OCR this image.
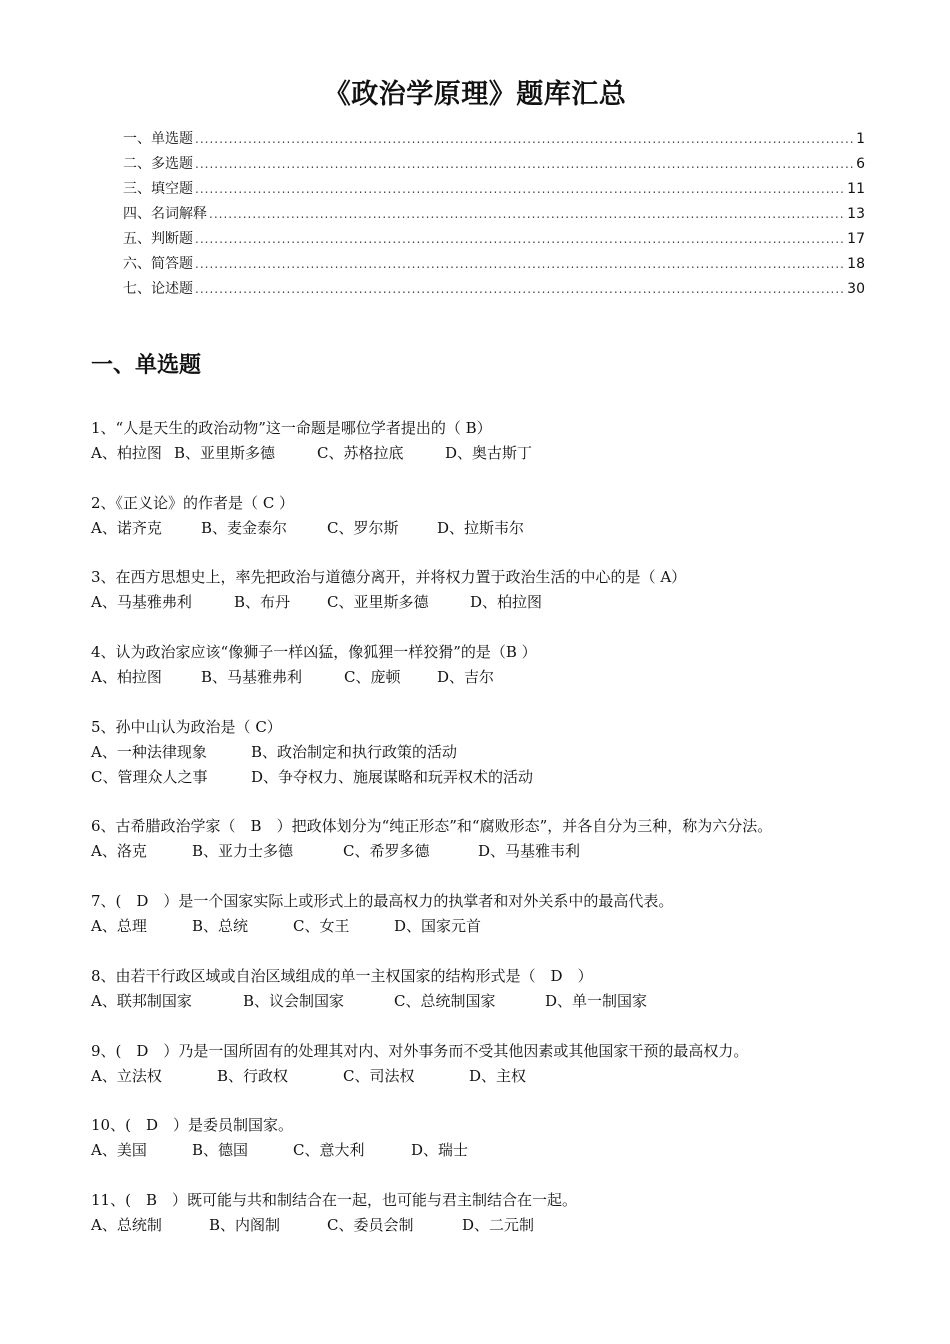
《政治学原理》题库汇总
一、单选题 .....	1
二、多选题 .....	6
三、填空题 .....	11
四、名词解释 .....	13
五、判断题 .....	17
六、简答题 .....	18
七、论述题 .....	30
一、单选题
1、“人是天生的政治动物”这一命题是哪位学者提出的（ B）
A、柏拉图 B、亚里斯多德	C、苏格拉底	D、奥古斯丁
2、《正义论》的作者是（ C ）
A、诺齐克	B、麦金泰尔	C、罗尔斯	D、拉斯韦尔
3、在西方思想史上，率先把政治与道德分离开，并将权力置于政治生活的中心的是（ A）
A、马基雅弗利	B、布丹	C、亚里斯多德	D、柏拉图
4、认为政治家应该“像狮子一样凶猛，像狐狸一样狡猾”的是（B ）
A、柏拉图	B、马基雅弗利	C、庞顿	D、吉尔
5、孙中山认为政治是（ C）
A、一种法律现象	B、政治制定和执行政策的活动
C、管理众人之事	D、争夺权力、施展谋略和玩弄权术的活动
6、古希腊政治学家（　B　）把政体划分为“纯正形态”和“腐败形态”，并各自分为三种，称为六分法。
A、洛克	B、亚力士多德	C、希罗多德	D、马基雅韦利
7、(　D　）是一个国家实际上或形式上的最高权力的执掌者和对外关系中的最高代表。
A、总理	B、总统	C、女王	D、国家元首
8、由若干行政区域或自治区域组成的单一主权国家的结构形式是（　D　）
A、联邦制国家	B、议会制国家	C、总统制国家	D、单一制国家
9、(　D　）乃是一国所固有的处理其对内、对外事务而不受其他因素或其他国家干预的最高权力。
A、立法权	B、行政权	C、司法权	D、主权
10、(　D　）是委员制国家。
A、美国	B、德国	C、意大利	D、瑞士
11、(　B　）既可能与共和制结合在一起，也可能与君主制结合在一起。
A、总统制	B、内阁制	C、委员会制	D、二元制
